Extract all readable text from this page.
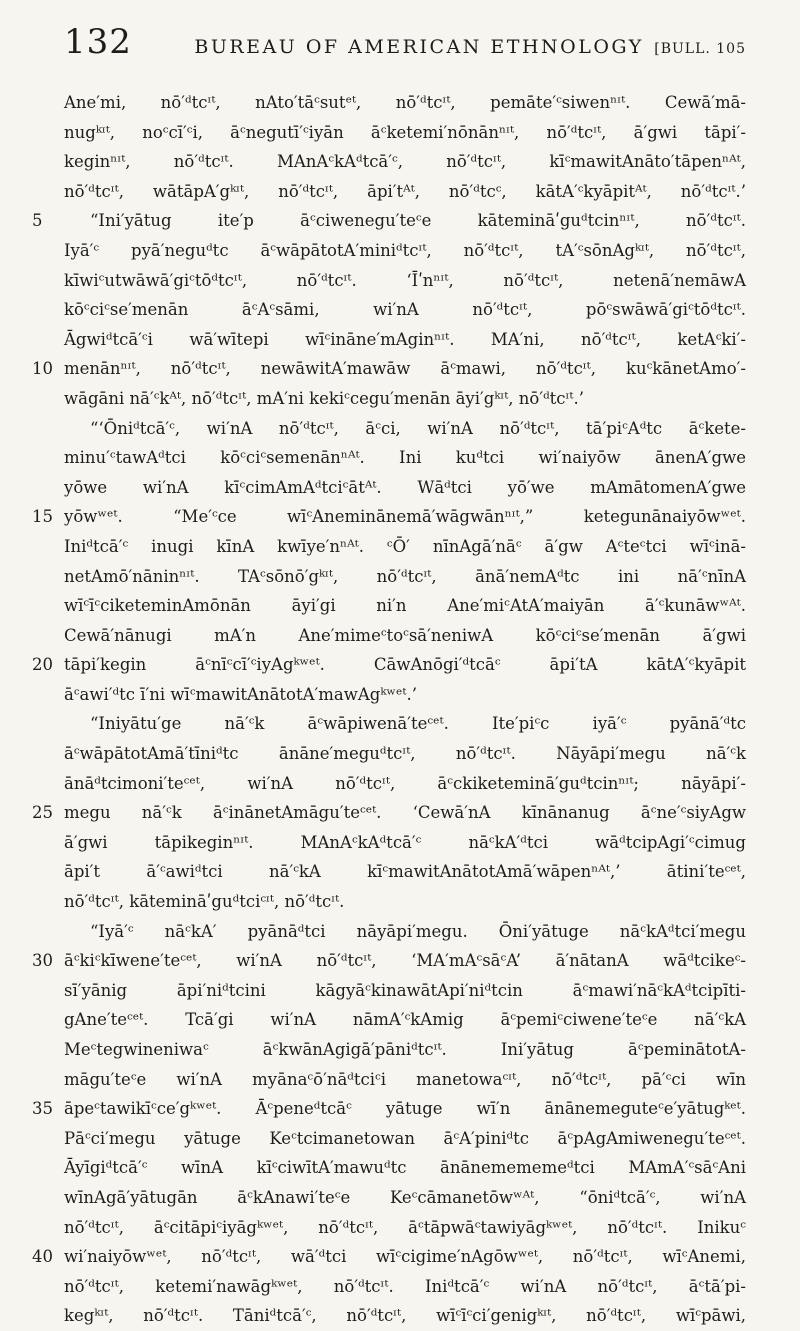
132	BUREAU OF AMERICAN ETHNOLOGY [BULL. 105
Ane′mi, nō′ᵈtcᶦᵗ, nAto′tāᶜsutᵉᵗ, nō′ᵈtcᶦᵗ, pemāte′ᶜsiwenⁿᶦᵗ. Cewā′mā-
nugᵏᶦᵗ, noᶜcī′ᶜi, āᶜnegutī′ᶜiyān āᶜketemi′nōnānⁿᶦᵗ, nō′ᵈtcᶦᵗ, ā′gwi tāpi′-
keginⁿᶦᵗ, nō′ᵈtcᶦᵗ. MAnAᶜkAᵈtcā′ᶜ, nō′ᵈtcᶦᵗ, kīᶜmawitAnāto′tāpenⁿᴬᵗ,
nō′ᵈtcᶦᵗ, wātāpA′gᵏᶦᵗ, nō′ᵈtcᶦᵗ, āpi′tᴬᵗ, nō′ᵈtcᶜ, kātA′ᶜkyāpitᴬᵗ, nō′ᵈtcᶦᵗ.’
5	“Ini′yātug ite′p āᶜciwenegu′teᶜe kātemināʹguᵈtcinⁿᶦᵗ, nō′ᵈtcᶦᵗ.
Iyā′ᶜ pyā′neguᵈtc āᶜwāpātotA′miniᵈtcᶦᵗ, nō′ᵈtcᶦᵗ, tA′ᶜsōnAgᵏᶦᵗ, nō′ᵈtcᶦᵗ,
kīwiᶜutwāwā′giᶜtōᵈtcᶦᵗ, nō′ᵈtcᶦᵗ. ‘Īʹnⁿᶦᵗ, nō′ᵈtcᶦᵗ, netenā′nemāwA
kōᶜciᶜse′menān āᶜAᶜsāmi, wi′nA nō′ᵈtcᶦᵗ, pōᶜswāwā′giᶜtōᵈtcᶦᵗ.
Āgwiᵈtcā′ᶜi wā′wītepi wīᶜināne′mAginⁿᶦᵗ. MA′ni, nō′ᵈtcᶦᵗ, ketAᶜki′-
10 menānⁿᶦᵗ, nō′ᵈtcᶦᵗ, newāwitA′mawāw āᶜmawi, nō′ᵈtcᶦᵗ, kuᶜkānetAmo′-
wāgāni nā′ᶜkᴬᵗ, nō′ᵈtcᶦᵗ, mA′ni kekiᶜcegu′menān āyi′gᵏᶦᵗ, nō′ᵈtcᶦᵗ.’
“‘Ōniᵈtcā′ᶜ, wi′nA nō′ᵈtcᶦᵗ, āᶜci, wi′nA nō′ᵈtcᶦᵗ, tā′piᶜAᵈtc āᶜkete-
minu′ᶜtawAᵈtci kōᶜciᶜsemenānⁿᴬᵗ. Ini kuᵈtci wi′naiyōw ānenA′gwe
yōwe wi′nA kīᶜcimAmAᵈtciᶜātᴬᵗ. Wāᵈtci yō′we mAmātomenA′gwe
15 yōwʷᵉᵗ. “Me′ᶜce wīᶜAneminānemā′wāgwānⁿᶦᵗ,” ketegunānaiyōwʷᵉᵗ.
Iniᵈtcā′ᶜ inugi kīnA kwīye′nⁿᴬᵗ. ᶜŌ′ nīnAgā′nāᶜ ā′gw Aᶜteᶜtci wīᶜinā-
netAmō′nāninⁿᶦᵗ. TAᶜsōnō′gᵏᶦᵗ, nō′ᵈtcᶦᵗ, ānā′nemAᵈtc ini nā′ᶜnīnA
wīᶜīᶜciketeminAmōnān āyi′gi ni′n Ane′miᶜAtA′maiyān ā′ᶜkunāwʷᴬᵗ.
Cewā′nānugi mA′n Ane′mimeᶜtoᶜsā′neniwA kōᶜciᶜse′menān ā′gwi
20 tāpi′kegin āᶜnīᶜcī′ᶜiyAgᵏʷᵉᵗ. CāwAnōgi′ᵈtcāᶜ āpi′tA kātA′ᶜkyāpit
āᶜawi′ᵈtc ī′ni wīᶜmawitAnātotA′mawAgᵏʷᵉᵗ.’
“Iniyātu′ge nā′ᶜk āᶜwāpiwenā′teᶜᵉᵗ. Ite′piᶜc iyā′ᶜ pyānā′ᵈtc
āᶜwāpātotAmā′tīniᵈtc ānāne′meguᵈtcᶦᵗ, nō′ᵈtcᶦᵗ. Nāyāpi′megu nā′ᶜk
ānāᵈtcimoni′teᶜᵉᵗ, wi′nA nō′ᵈtcᶦᵗ, āᶜckiketeminā′guᵈtcinⁿᶦᵗ; nāyāpi′-
25 megu nā′ᶜk āᶜinānetAmāgu′teᶜᵉᵗ. ‘Cewā′nA kīnānanug āᶜne′ᶜsiyAgw
ā′gwi tāpikeginⁿᶦᵗ. MAnAᶜkAᵈtcā′ᶜ nāᶜkA′ᵈtci wāᵈtcipAgi′ᶜcimug
āpi′t ā′ᶜawiᵈtci nā′ᶜkA kīᶜmawitAnātotAmā′wāpenⁿᴬᵗ,’ ātini′teᶜᵉᵗ,
nō′ᵈtcᶦᵗ, kātemināʹguᵈtciᶜᶦᵗ, nō′ᵈtcᶦᵗ.
“Iyā′ᶜ nāᶜkA′ pyānāᵈtci nāyāpi′megu. Ōni′yātuge nāᶜkAᵈtci′megu
30 āᶜkiᶜkīwene′teᶜᵉᵗ, wi′nA nō′ᵈtcᶦᵗ, ‘MA′mAᶜsāᶜA’ ā′nātanA wāᵈtcikeᶜ-
sī′yānig āpi′niᵈtcini kāgyāᶜkinawātApi′niᵈtcin āᶜmawi′nāᶜkAᵈtcipīti-
gAne′teᶜᵉᵗ. Tcā′gi wi′nA nāmA′ᶜkAmig āᶜpemiᶜciwene′teᶜe nā′ᶜkA
Meᶜtegwineniwaᶜ āᶜkwānAgigā′pāniᵈtcᶦᵗ. Ini′yātug āᶜpeminātotA-
māgu′teᶜe wi′nA myānaᶜō′nāᵈtciᶜi manetowaᶜᶦᵗ, nō′ᵈtcᶦᵗ, pā′ᶜci wīn
35 āpeᶜtawikīᶜce′gᵏʷᵉᵗ. Āᶜpeneᵈtcāᶜ yātuge wī′n ānānemeguteᶜe′yātugᵏᵉᵗ.
Pāᶜci′megu yātuge Keᶜtcimanetowan āᶜA′piniᵈtc āᶜpAgAmiwenegu′teᶜᵉᵗ.
Āyīgiᵈtcā′ᶜ wīnA kīᶜciwītA′mawuᵈtc ānānemememeᵈtci MAmA′ᶜsāᶜAni
wīnAgā′yātugān āᶜkAnawi′teᶜe Keᶜcāmanetōwʷᴬᵗ, “ōniᵈtcā′ᶜ, wi′nA
nō′ᵈtcᶦᵗ, āᶜcitāpiᶜiyāgᵏʷᵉᵗ, nō′ᵈtcᶦᵗ, āᶜtāpwāᶜtawiyāgᵏʷᵉᵗ, nō′ᵈtcᶦᵗ. Inikuᶜ
40 wi′naiyōwʷᵉᵗ, nō′ᵈtcᶦᵗ, wā′ᵈtci wīᶜcigime′nAgōwʷᵉᵗ, nō′ᵈtcᶦᵗ, wīᶜAnemi,
nō′ᵈtcᶦᵗ, ketemi′nawāgᵏʷᵉᵗ, nō′ᵈtcᶦᵗ. Iniᵈtcā′ᶜ wi′nA nō′ᵈtcᶦᵗ, āᶜtā′pi-
kegᵏᶦᵗ, nō′ᵈtcᶦᵗ. Tāniᵈtcā′ᶜ, nō′ᵈtcᶦᵗ, wīᶜīᶜci′genigᵏᶦᵗ, nō′ᵈtcᶦᵗ, wīᶜpāwi,
